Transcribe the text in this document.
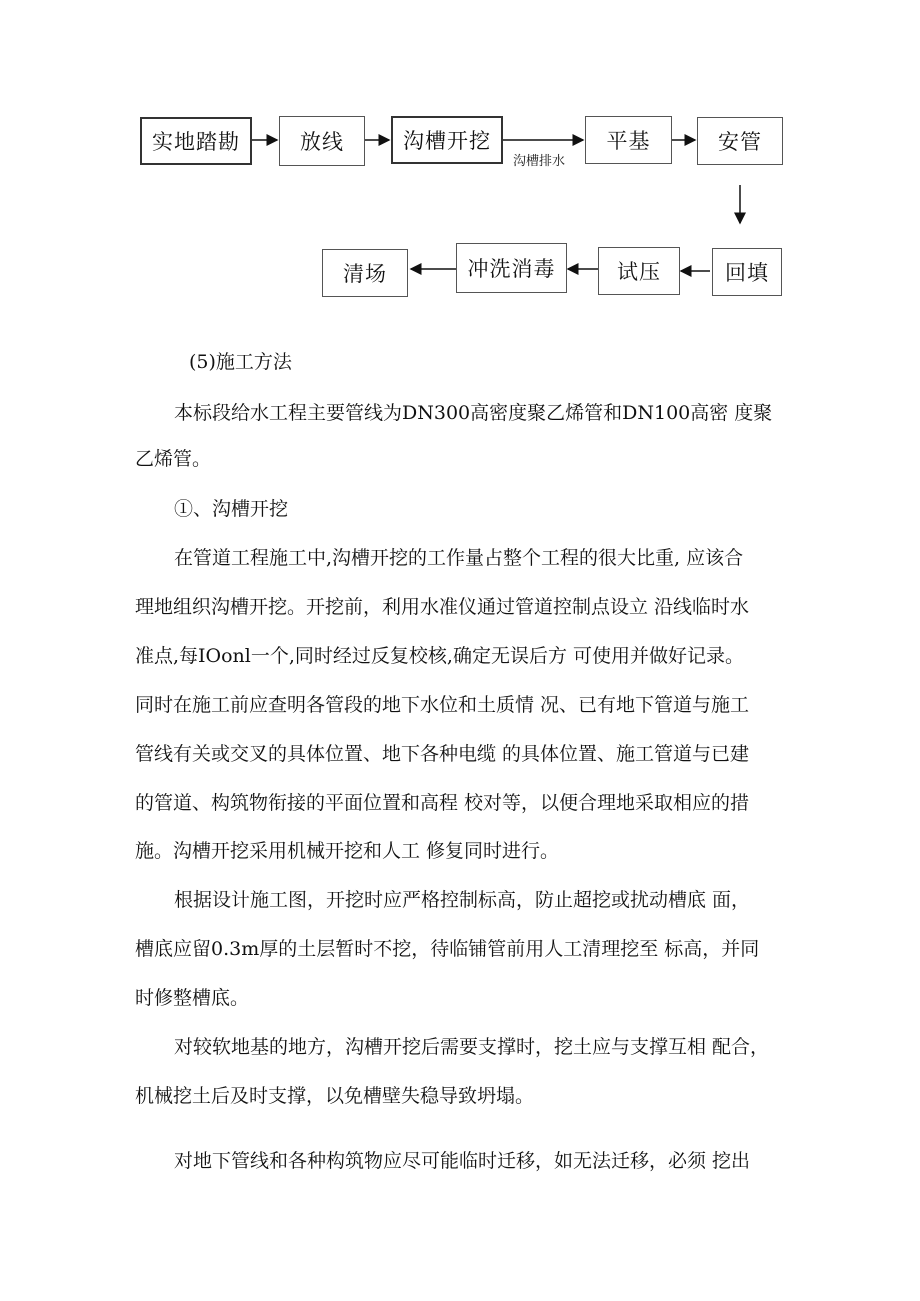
实地踏勘	放线	沟槽开挖
沟槽排水
平基	安管
回填
试压
冲洗消毒
清场
(5)施工方法
本标段给水工程主要管线为DN300高密度聚乙烯管和DN100高密 度聚
乙烯管。
①、沟槽开挖
在管道工程施工中,沟槽开挖的工作量占整个工程的很大比重, 应该合
理地组织沟槽开挖。开挖前，利用水准仪通过管道控制点设立 沿线临时水
准点,每IOonl一个,同时经过反复校核,确定无误后方 可使用并做好记录。
同时在施工前应查明各管段的地下水位和土质情 况、已有地下管道与施工
管线有关或交叉的具体位置、地下各种电缆 的具体位置、施工管道与已建
的管道、构筑物衔接的平面位置和高程 校对等，以便合理地采取相应的措
施。沟槽开挖采用机械开挖和人工 修复同时进行。
根据设计施工图，开挖时应严格控制标高，防止超挖或扰动槽底 面，
槽底应留0.3m厚的土层暂时不挖，待临铺管前用人工清理挖至 标高，并同
时修整槽底。
对较软地基的地方，沟槽开挖后需要支撑时，挖土应与支撑互相 配合，
机械挖土后及时支撑，以免槽壁失稳导致坍塌。
对地下管线和各种构筑物应尽可能临时迁移，如无法迁移，必须 挖出
